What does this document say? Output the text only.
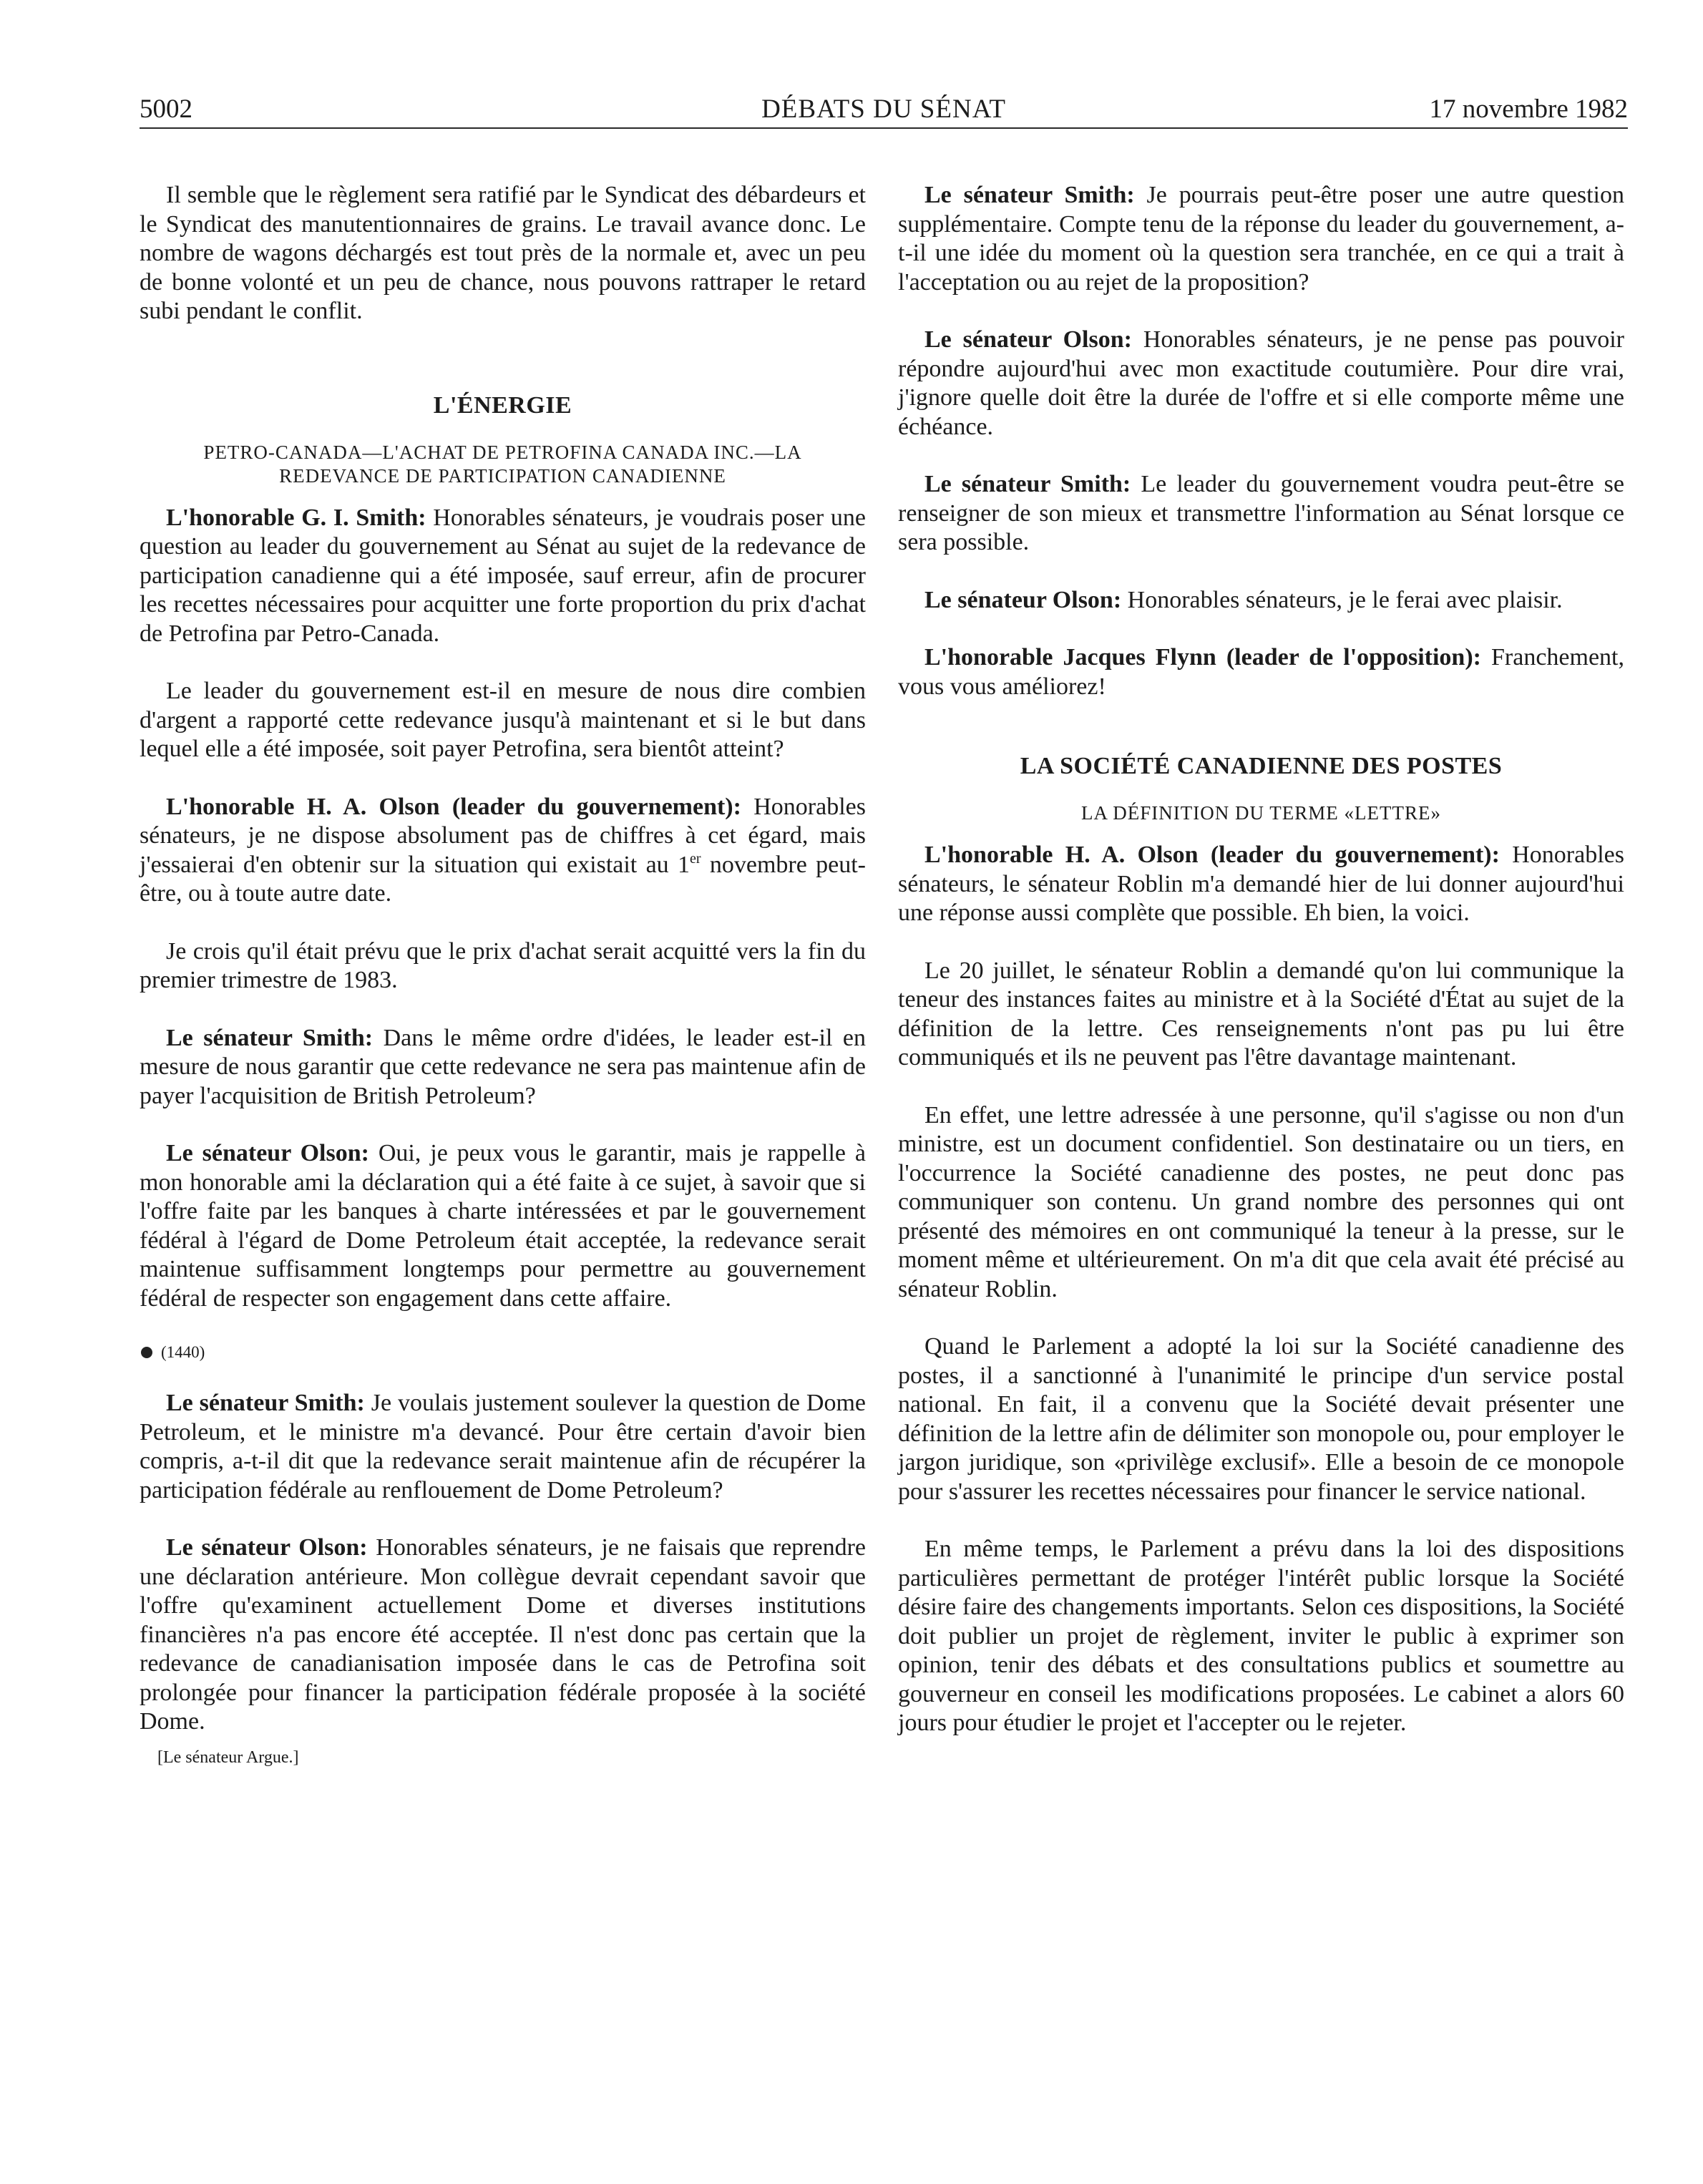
5002	DÉBATS DU SÉNAT	17 novembre 1982

Il semble que le règlement sera ratifié par le Syndicat des débardeurs et le Syndicat des manutentionnaires de grains. Le travail avance donc. Le nombre de wagons déchargés est tout près de la normale et, avec un peu de bonne volonté et un peu de chance, nous pouvons rattraper le retard subi pendant le conflit.

L'ÉNERGIE
PETRO-CANADA—L'ACHAT DE PETROFINA CANADA INC.—LA
REDEVANCE DE PARTICIPATION CANADIENNE

L'honorable G. I. Smith: Honorables sénateurs, je voudrais poser une question au leader du gouvernement au Sénat au sujet de la redevance de participation canadienne qui a été imposée, sauf erreur, afin de procurer les recettes nécessaires pour acquitter une forte proportion du prix d'achat de Petrofina par Petro-Canada.

Le leader du gouvernement est-il en mesure de nous dire combien d'argent a rapporté cette redevance jusqu'à maintenant et si le but dans lequel elle a été imposée, soit payer Petrofina, sera bientôt atteint?

L'honorable H. A. Olson (leader du gouvernement): Honorables sénateurs, je ne dispose absolument pas de chiffres à cet égard, mais j'essaierai d'en obtenir sur la situation qui existait au 1er novembre peut-être, ou à toute autre date.

Je crois qu'il était prévu que le prix d'achat serait acquitté vers la fin du premier trimestre de 1983.

Le sénateur Smith: Dans le même ordre d'idées, le leader est-il en mesure de nous garantir que cette redevance ne sera pas maintenue afin de payer l'acquisition de British Petroleum?

Le sénateur Olson: Oui, je peux vous le garantir, mais je rappelle à mon honorable ami la déclaration qui a été faite à ce sujet, à savoir que si l'offre faite par les banques à charte intéressées et par le gouvernement fédéral à l'égard de Dome Petroleum était acceptée, la redevance serait maintenue suffisamment longtemps pour permettre au gouvernement fédéral de respecter son engagement dans cette affaire.

(1440)

Le sénateur Smith: Je voulais justement soulever la question de Dome Petroleum, et le ministre m'a devancé. Pour être certain d'avoir bien compris, a-t-il dit que la redevance serait maintenue afin de récupérer la participation fédérale au renflouement de Dome Petroleum?

Le sénateur Olson: Honorables sénateurs, je ne faisais que reprendre une déclaration antérieure. Mon collègue devrait cependant savoir que l'offre qu'examinent actuellement Dome et diverses institutions financières n'a pas encore été acceptée. Il n'est donc pas certain que la redevance de canadianisation imposée dans le cas de Petrofina soit prolongée pour financer la participation fédérale proposée à la société Dome.

[Le sénateur Argue.]

Le sénateur Smith: Je pourrais peut-être poser une autre question supplémentaire. Compte tenu de la réponse du leader du gouvernement, a-t-il une idée du moment où la question sera tranchée, en ce qui a trait à l'acceptation ou au rejet de la proposition?

Le sénateur Olson: Honorables sénateurs, je ne pense pas pouvoir répondre aujourd'hui avec mon exactitude coutumière. Pour dire vrai, j'ignore quelle doit être la durée de l'offre et si elle comporte même une échéance.

Le sénateur Smith: Le leader du gouvernement voudra peut-être se renseigner de son mieux et transmettre l'information au Sénat lorsque ce sera possible.

Le sénateur Olson: Honorables sénateurs, je le ferai avec plaisir.

L'honorable Jacques Flynn (leader de l'opposition): Franchement, vous vous améliorez!

LA SOCIÉTÉ CANADIENNE DES POSTES
LA DÉFINITION DU TERME «LETTRE»

L'honorable H. A. Olson (leader du gouvernement): Honorables sénateurs, le sénateur Roblin m'a demandé hier de lui donner aujourd'hui une réponse aussi complète que possible. Eh bien, la voici.

Le 20 juillet, le sénateur Roblin a demandé qu'on lui communique la teneur des instances faites au ministre et à la Société d'État au sujet de la définition de la lettre. Ces renseignements n'ont pas pu lui être communiqués et ils ne peuvent pas l'être davantage maintenant.

En effet, une lettre adressée à une personne, qu'il s'agisse ou non d'un ministre, est un document confidentiel. Son destinataire ou un tiers, en l'occurrence la Société canadienne des postes, ne peut donc pas communiquer son contenu. Un grand nombre des personnes qui ont présenté des mémoires en ont communiqué la teneur à la presse, sur le moment même et ultérieurement. On m'a dit que cela avait été précisé au sénateur Roblin.

Quand le Parlement a adopté la loi sur la Société canadienne des postes, il a sanctionné à l'unanimité le principe d'un service postal national. En fait, il a convenu que la Société devait présenter une définition de la lettre afin de délimiter son monopole ou, pour employer le jargon juridique, son «privilège exclusif». Elle a besoin de ce monopole pour s'assurer les recettes nécessaires pour financer le service national.

En même temps, le Parlement a prévu dans la loi des dispositions particulières permettant de protéger l'intérêt public lorsque la Société désire faire des changements importants. Selon ces dispositions, la Société doit publier un projet de règlement, inviter le public à exprimer son opinion, tenir des débats et des consultations publics et soumettre au gouverneur en conseil les modifications proposées. Le cabinet a alors 60 jours pour étudier le projet et l'accepter ou le rejeter.
